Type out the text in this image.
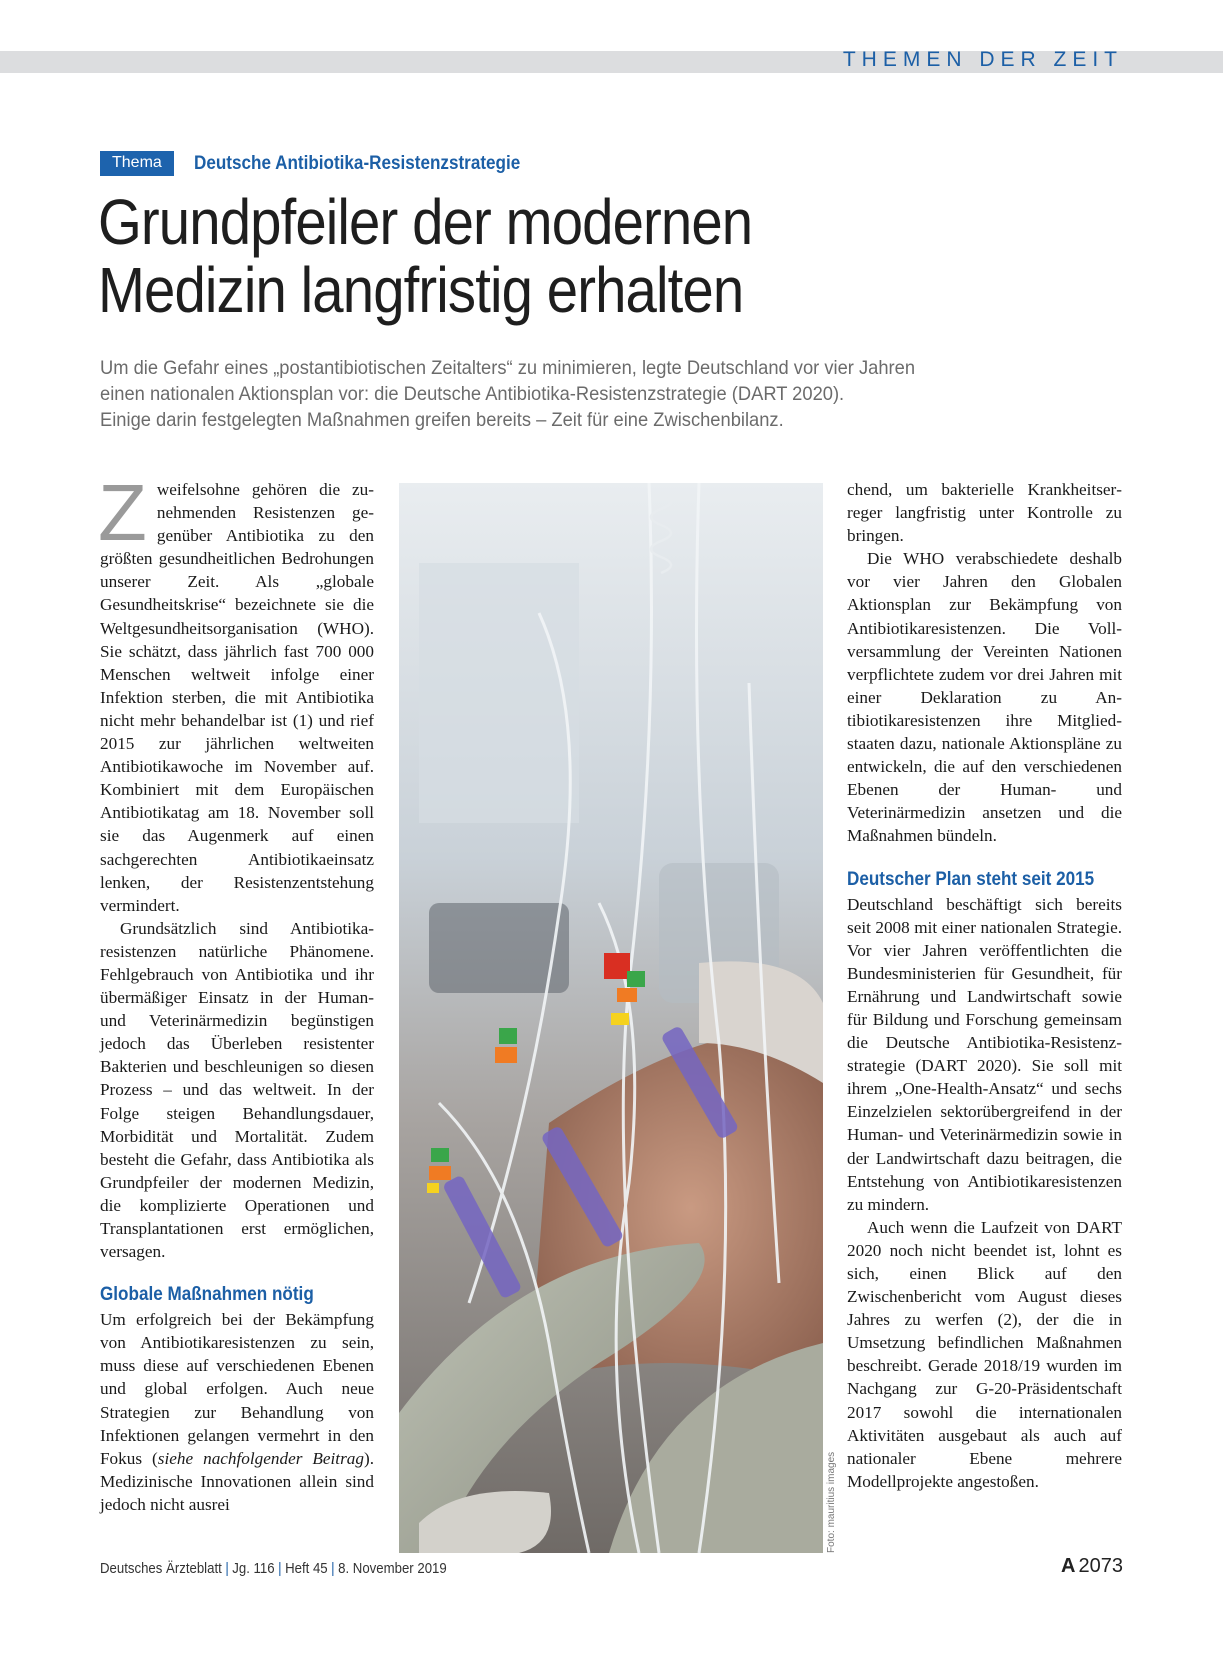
THEMEN DER ZEIT
Thema	Deutsche Antibiotika-Resistenzstrategie
Grundpfeiler der modernen
Medizin langfristig erhalten

Um die Gefahr eines „postantibiotischen Zeitalters“ zu minimieren, legte Deutschland vor vier Jahren
einen nationalen Aktionsplan vor: die Deutsche Antibiotika-Resistenzstrategie (DART 2020).
Einige darin festgelegten Maßnahmen greifen bereits – Zeit für eine Zwischenbilanz.

Z weifelsohne gehören die zunehmenden Resistenzen gegenüber Antibiotika zu den größten gesundheitlichen Bedrohungen unserer Zeit. Als „globale Gesundheitskrise“ bezeichnete sie die Weltgesundheitsorganisation (WHO). Sie schätzt, dass jährlich fast 700 000 Menschen weltweit infolge einer Infektion sterben, die mit Antibiotika nicht mehr behandelbar ist (1) und rief 2015 zur jährlichen weltweiten Antibiotikawoche im November auf. Kombiniert mit dem Europäischen Antibiotikatag am 18. November soll sie das Augenmerk auf einen sachgerechten Antibiotikaeinsatz lenken, der Resistenzentstehung vermindert.

Grundsätzlich sind Antibiotikaresistenzen natürliche Phänomene. Fehlgebrauch von Antibiotika und ihr übermäßiger Einsatz in der Human- und Veterinärmedizin begünstigen jedoch das Überleben resistenter Bakterien und beschleunigen so diesen Prozess – und das weltweit. In der Folge steigen Behandlungsdauer, Morbidität und Mortalität. Zudem besteht die Gefahr, dass Antibiotika als Grundpfeiler der modernen Medizin, die komplizierte Operationen und Transplantationen erst ermöglichen, versagen.

Globale Maßnahmen nötig

Um erfolgreich bei der Bekämpfung von Antibiotikaresistenzen zu sein, muss diese auf verschiedenen Ebenen und global erfolgen. Auch neue Strategien zur Behandlung von Infektionen gelangen vermehrt in den Fokus (siehe nachfolgender Beitrag). Medizinische Innovationen allein sind jedoch nicht ausrei	Foto: mauritius images

chend, um bakterielle Krankheitserreger langfristig unter Kontrolle zu bringen.

Die WHO verabschiedete deshalb vor vier Jahren den Globalen Aktionsplan zur Bekämpfung von Antibiotikaresistenzen. Die Vollversammlung der Vereinten Nationen verpflichtete zudem vor drei Jahren mit einer Deklaration zu Antibiotikaresistenzen ihre Mitgliedstaaten dazu, nationale Aktionspläne zu entwickeln, die auf den verschiedenen Ebenen der Human- und Veterinärmedizin ansetzen und die Maßnahmen bündeln.

Deutscher Plan steht seit 2015

Deutschland beschäftigt sich bereits seit 2008 mit einer nationalen Strategie. Vor vier Jahren veröffentlichten die Bundesministerien für Gesundheit, für Ernährung und Landwirtschaft sowie für Bildung und Forschung gemeinsam die Deutsche Antibiotika-Resistenzstrategie (DART 2020). Sie soll mit ihrem „One-Health-Ansatz“ und sechs Einzelzielen sektorübergreifend in der Human- und Veterinärmedizin sowie in der Landwirtschaft dazu beitragen, die Entstehung von Antibiotikaresistenzen zu mindern.

Auch wenn die Laufzeit von DART 2020 noch nicht beendet ist, lohnt es sich, einen Blick auf den Zwischenbericht vom August dieses Jahres zu werfen (2), der die in Umsetzung befindlichen Maßnahmen beschreibt. Gerade 2018/19 wurden im Nachgang zur G-20-Präsidentschaft 2017 sowohl die internationalen Aktivitäten ausgebaut als auch auf nationaler Ebene mehrere Modellprojekte angestoßen.

Deutsches Ärzteblatt | Jg. 116 | Heft 45 | 8. November 2019	A 2073
